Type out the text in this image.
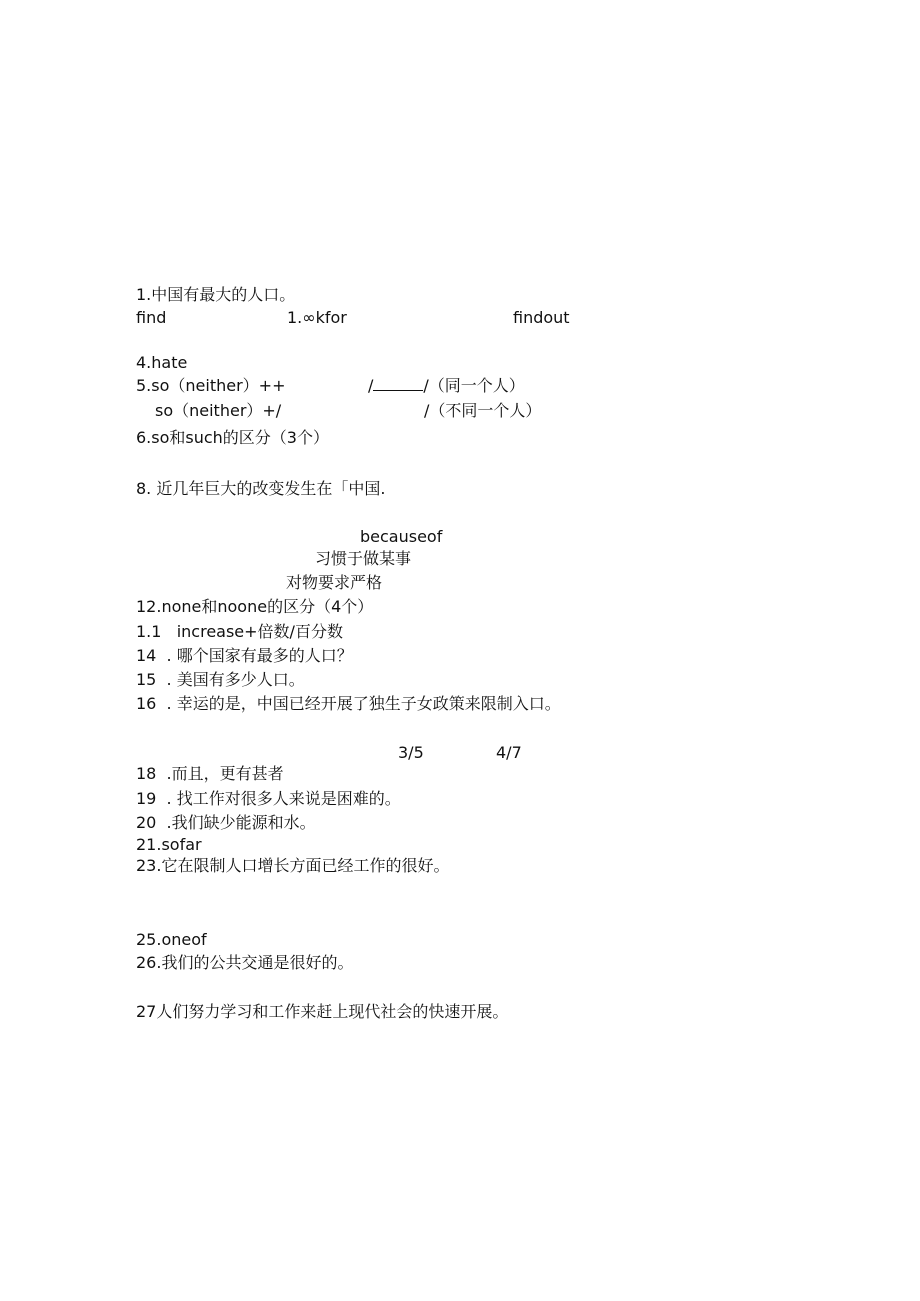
1.中国有最大的人口。
find	1.∞kfor	findout
4.hate
5.so（neither）++	/	/（同一个人）
so（neither）+/	/（不同一个人）
6.so和such的区分（3个）
8. 近几年巨大的改变发生在「中国.
becauseof
习惯于做某事
对物要求严格
12.none和noone的区分（4个）
1.1   increase+倍数/百分数
14  . 哪个国家有最多的人口？
15  . 美国有多少人口。
16  . 幸运的是，中国已经开展了独生子女政策来限制入口。
3/5	4/7
18  .而且，更有甚者
19  . 找工作对很多人来说是困难的。
20  .我们缺少能源和水。
21.sofar
23.它在限制人口增长方面已经工作的很好。
25.oneof
26.我们的公共交通是很好的。
27人们努力学习和工作来赶上现代社会的快速开展。
